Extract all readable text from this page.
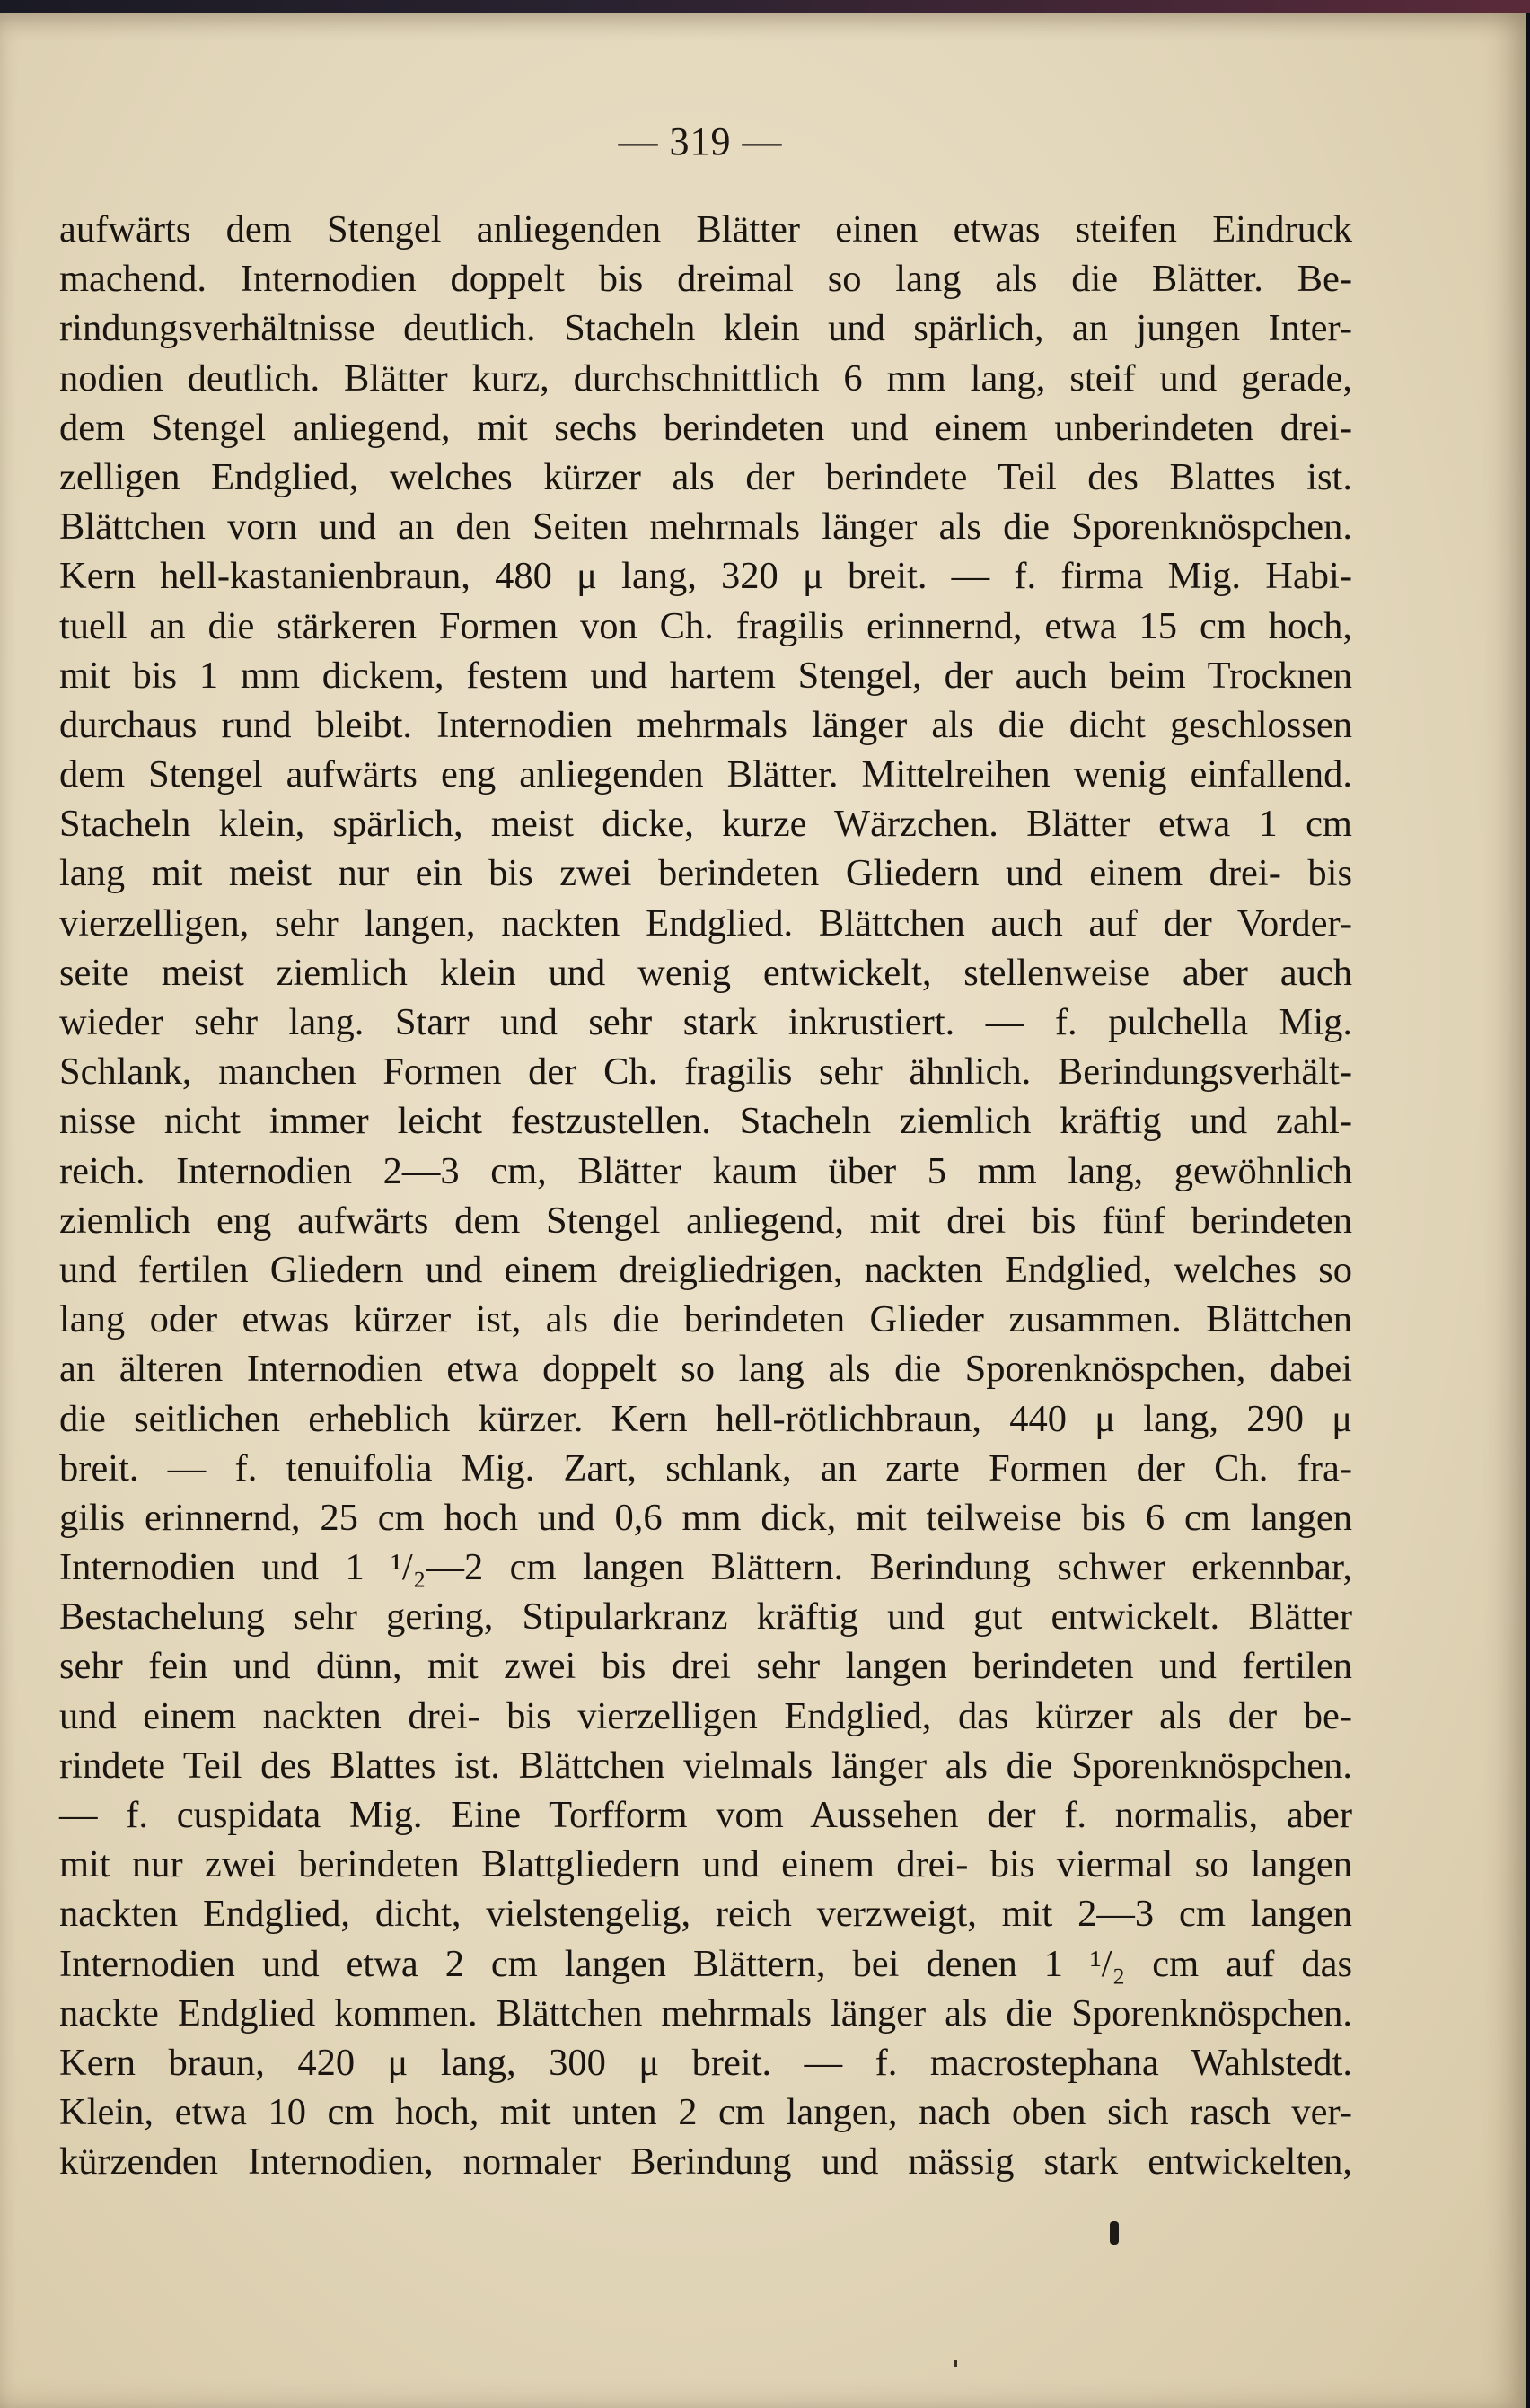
— 319 —
aufwärts dem Stengel anliegenden Blätter einen etwas steifen Eindruck
machend. Internodien doppelt bis dreimal so lang als die Blätter. Be-
rindungsverhältnisse deutlich. Stacheln klein und spärlich, an jungen Inter-
nodien deutlich. Blätter kurz, durchschnittlich 6 mm lang, steif und gerade,
dem Stengel anliegend, mit sechs berindeten und einem unberindeten drei-
zelligen Endglied, welches kürzer als der berindete Teil des Blattes ist.
Blättchen vorn und an den Seiten mehrmals länger als die Sporenknöspchen.
Kern hell-kastanienbraun, 480 μ lang, 320 μ breit. — f. firma Mig. Habi-
tuell an die stärkeren Formen von Ch. fragilis erinnernd, etwa 15 cm hoch,
mit bis 1 mm dickem, festem und hartem Stengel, der auch beim Trocknen
durchaus rund bleibt. Internodien mehrmals länger als die dicht geschlossen
dem Stengel aufwärts eng anliegenden Blätter. Mittelreihen wenig einfallend.
Stacheln klein, spärlich, meist dicke, kurze Wärzchen. Blätter etwa 1 cm
lang mit meist nur ein bis zwei berindeten Gliedern und einem drei- bis
vierzelligen, sehr langen, nackten Endglied. Blättchen auch auf der Vorder-
seite meist ziemlich klein und wenig entwickelt, stellenweise aber auch
wieder sehr lang. Starr und sehr stark inkrustiert. — f. pulchella Mig.
Schlank, manchen Formen der Ch. fragilis sehr ähnlich. Berindungsverhält-
nisse nicht immer leicht festzustellen. Stacheln ziemlich kräftig und zahl-
reich. Internodien 2—3 cm, Blätter kaum über 5 mm lang, gewöhnlich
ziemlich eng aufwärts dem Stengel anliegend, mit drei bis fünf berindeten
und fertilen Gliedern und einem dreigliedrigen, nackten Endglied, welches so
lang oder etwas kürzer ist, als die berindeten Glieder zusammen. Blättchen
an älteren Internodien etwa doppelt so lang als die Sporenknöspchen, dabei
die seitlichen erheblich kürzer. Kern hell-rötlichbraun, 440 μ lang, 290 μ
breit. — f. tenuifolia Mig. Zart, schlank, an zarte Formen der Ch. fra-
gilis erinnernd, 25 cm hoch und 0,6 mm dick, mit teilweise bis 6 cm langen
Internodien und 1 ¹/₂—2 cm langen Blättern. Berindung schwer erkennbar,
Bestachelung sehr gering, Stipularkranz kräftig und gut entwickelt. Blätter
sehr fein und dünn, mit zwei bis drei sehr langen berindeten und fertilen
und einem nackten drei- bis vierzelligen Endglied, das kürzer als der be-
rindete Teil des Blattes ist. Blättchen vielmals länger als die Sporenknöspchen.
— f. cuspidata Mig. Eine Torfform vom Aussehen der f. normalis, aber
mit nur zwei berindeten Blattgliedern und einem drei- bis viermal so langen
nackten Endglied, dicht, vielstengelig, reich verzweigt, mit 2—3 cm langen
Internodien und etwa 2 cm langen Blättern, bei denen 1 ¹/₂ cm auf das
nackte Endglied kommen. Blättchen mehrmals länger als die Sporenknöspchen.
Kern braun, 420 μ lang, 300 μ breit. — f. macrostephana Wahlstedt.
Klein, etwa 10 cm hoch, mit unten 2 cm langen, nach oben sich rasch ver-
kürzenden Internodien, normaler Berindung und mässig stark entwickelten,
